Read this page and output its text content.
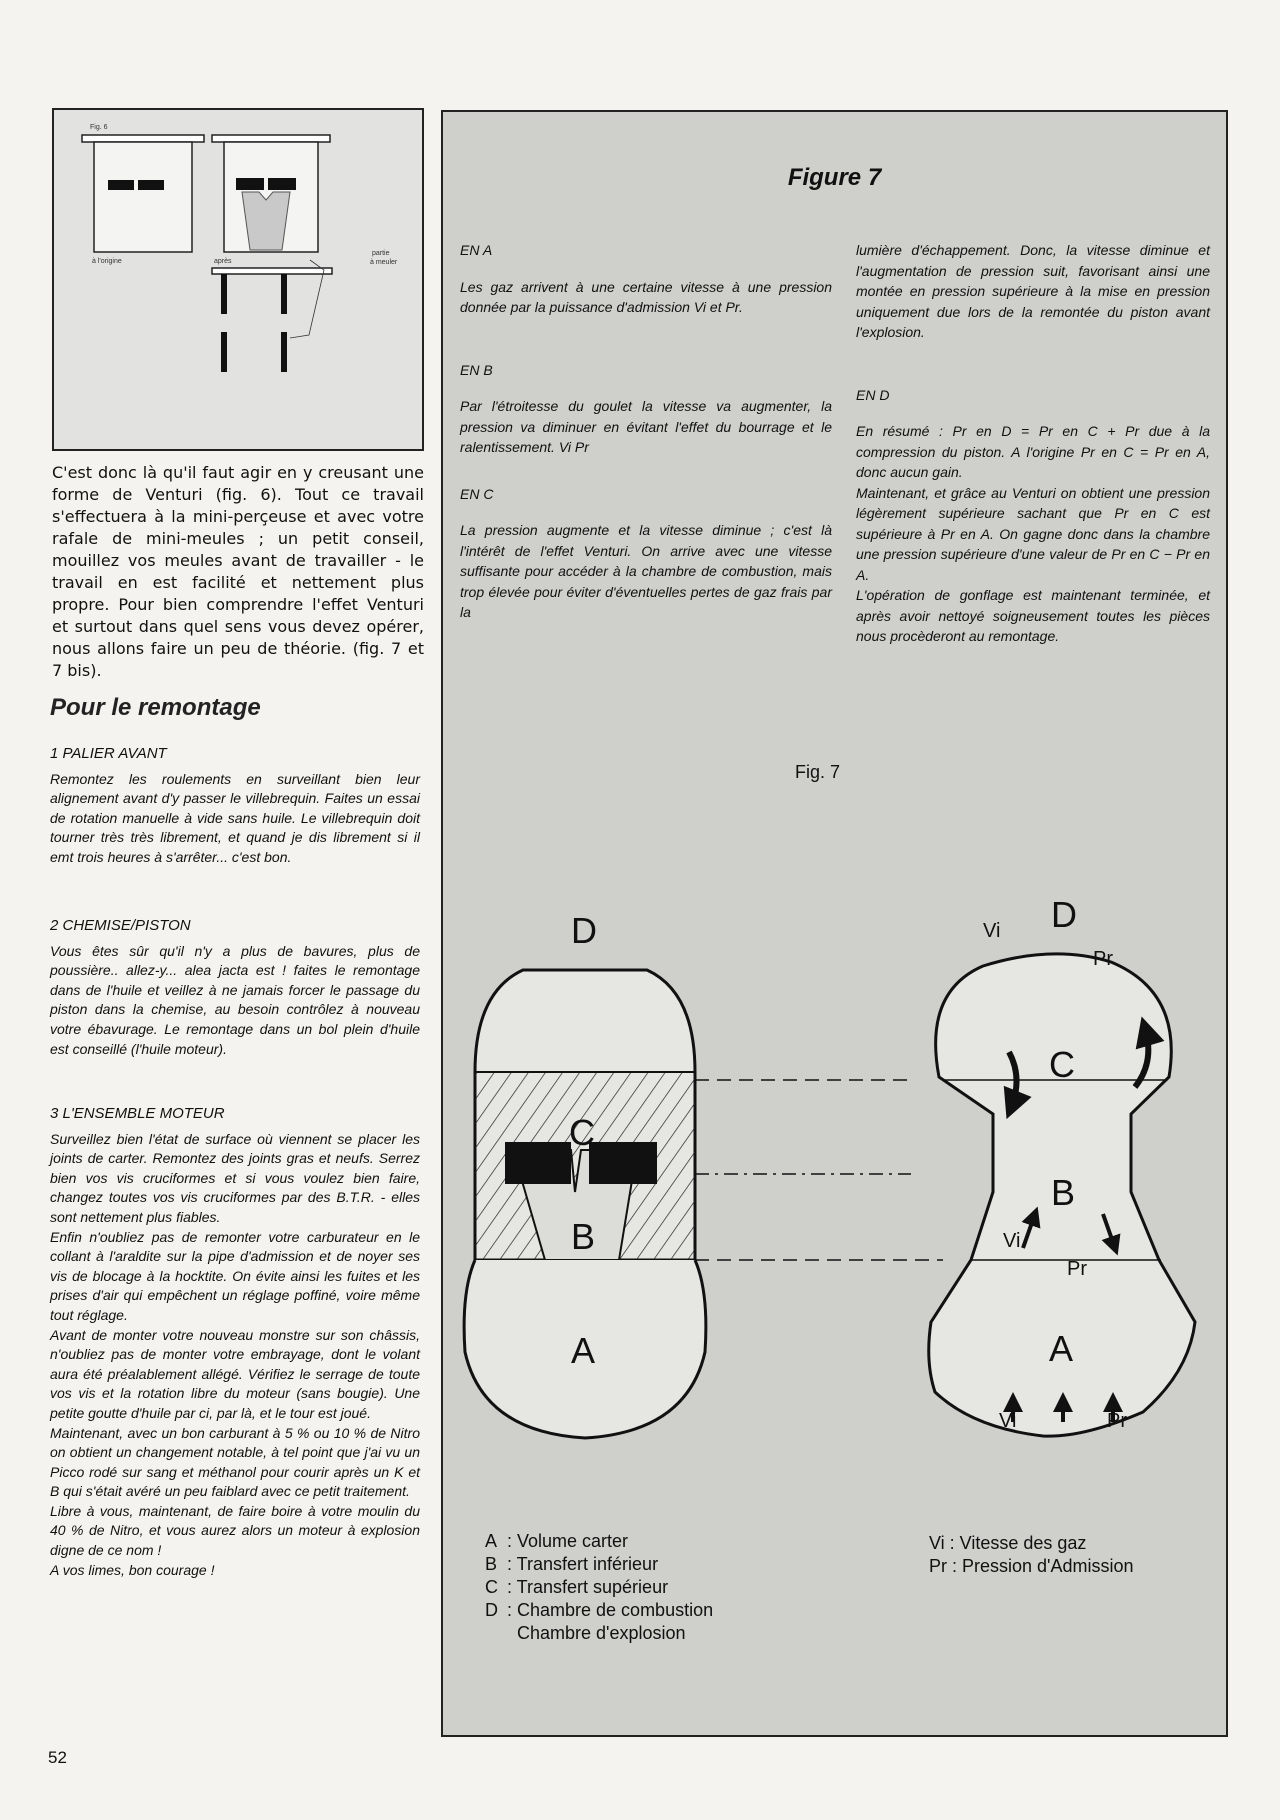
Fig. 6
à l'origine	après
partie
à meuler

C'est donc là qu'il faut agir en y creusant une forme de Venturi (fig. 6). Tout ce travail s'effectuera à la mini-perçeuse et avec votre rafale de mini-meules ; un petit conseil, mouillez vos meules avant de travailler - le travail en est facilité et nettement plus propre. Pour bien comprendre l'effet Venturi et surtout dans quel sens vous devez opérer, nous allons faire un peu de théorie. (fig. 7 et 7 bis).

Pour le remontage
1 PALIER AVANT

Remontez les roulements en surveillant bien leur alignement avant d'y passer le villebrequin. Faites un essai de rotation manuelle à vide sans huile. Le villebrequin doit tourner très très librement, et quand je dis librement si il emt trois heures à s'arrêter... c'est bon.

2 CHEMISE/PISTON

Vous êtes sûr qu'il n'y a plus de bavures, plus de poussière.. allez-y... alea jacta est ! faites le remontage dans de l'huile et veillez à ne jamais forcer le passage du piston dans la chemise, au besoin contrôlez à nouveau votre ébavurage. Le remontage dans un bol plein d'huile est conseillé (l'huile moteur).

3 L'ENSEMBLE MOTEUR

Surveillez bien l'état de surface où viennent se placer les joints de carter. Remontez des joints gras et neufs. Serrez bien vos vis cruciformes et si vous voulez bien faire, changez toutes vos vis cruciformes par des B.T.R. - elles sont nettement plus fiables.

Enfin n'oubliez pas de remonter votre carburateur en le collant à l'araldite sur la pipe d'admission et de noyer ses vis de blocage à la hocktite. On évite ainsi les fuites et les prises d'air qui empêchent un réglage poffiné, voire même tout réglage.

Avant de monter votre nouveau monstre sur son châssis, n'oubliez pas de monter votre embrayage, dont le volant aura été préalablement allégé. Vérifiez le serrage de toute vos vis et la rotation libre du moteur (sans bougie). Une petite goutte d'huile par ci, par là, et le tour est joué.

Maintenant, avec un bon carburant à 5 % ou 10 % de Nitro on obtient un changement notable, à tel point que j'ai vu un Picco rodé sur sang et méthanol pour courir après un K et B qui s'était avéré un peu faiblard avec ce petit traitement.

Libre à vous, maintenant, de faire boire à votre moulin du 40 % de Nitro, et vous aurez alors un moteur à explosion digne de ce nom !

A vos limes, bon courage !

52
Figure 7

EN A

Les gaz arrivent à une certaine vitesse à une pression donnée par la puissance d'admission Vi et Pr.

EN B

Par l'étroitesse du goulet la vitesse va augmenter, la pression va diminuer en évitant l'effet du bourrage et le ralentissement. Vi Pr

EN C

La pression augmente et la vitesse diminue ; c'est là l'intérêt de l'effet Venturi. On arrive avec une vitesse suffisante pour accéder à la chambre de combustion, mais trop élevée pour éviter d'éventuelles pertes de gaz frais par la

lumière d'échappement. Donc, la vitesse diminue et l'augmentation de pression suit, favorisant ainsi une montée en pression supérieure à la mise en pression uniquement due lors de la remontée du piston avant l'explosion.

EN D

En résumé : Pr en D = Pr en C + Pr due à la compression du piston. A l'origine Pr en C = Pr en A, donc aucun gain.

Maintenant, et grâce au Venturi on obtient une pression légèrement supérieure sachant que Pr en C est supérieure à Pr en A. On gagne donc dans la chambre une pression supérieure d'une valeur de Pr en C − Pr en A.

L'opération de gonflage est maintenant terminée, et après avoir nettoyé soigneusement toutes les pièces nous procèderont au remontage.

Fig. 7
D
C
B
A
D
C
B
A
Vi
Pr
Vi
Pr
Vi	Pr
A : Volume carter
B : Transfert inférieur
C : Transfert supérieur
D : Chambre de combustion
Chambre d'explosion
Vi : Vitesse des gaz
Pr : Pression d'Admission
